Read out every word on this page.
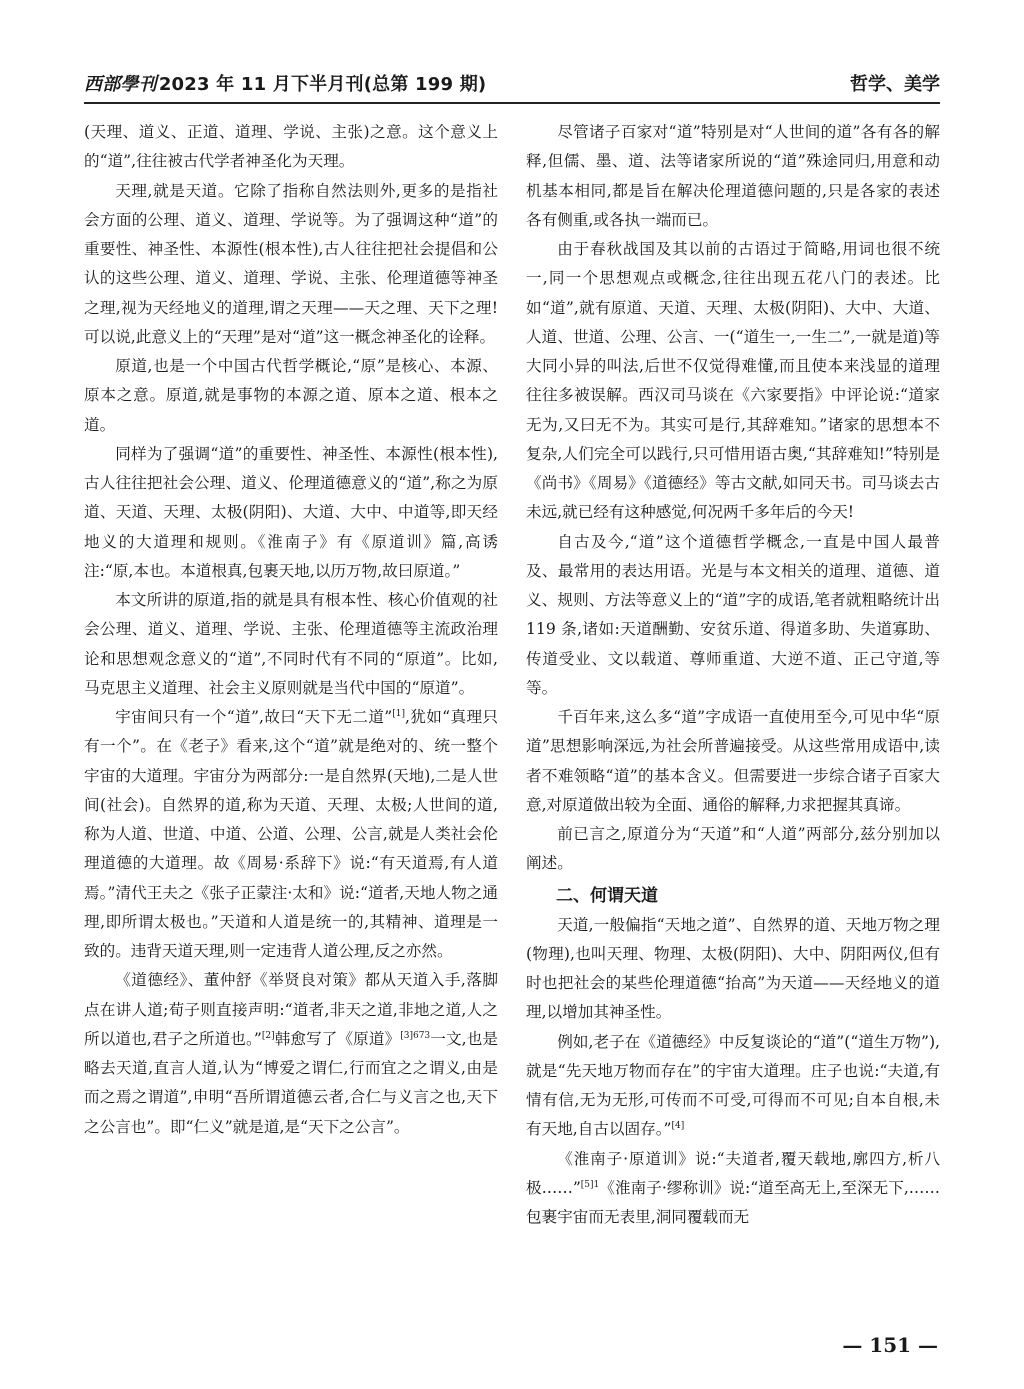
西部學刊 2023 年 11 月下半月刊(总第 199 期)	哲学、美学

(天理、道义、正道、道理、学说、主张)之意。这个意义上的“道”,往往被古代学者神圣化为天理。

天理,就是天道。它除了指称自然法则外,更多的是指社会方面的公理、道义、道理、学说等。为了强调这种“道”的重要性、神圣性、本源性(根本性),古人往往把社会提倡和公认的这些公理、道义、道理、学说、主张、伦理道德等神圣之理,视为天经地义的道理,谓之天理——天之理、天下之理!可以说,此意义上的“天理”是对“道”这一概念神圣化的诠释。

原道,也是一个中国古代哲学概论,“原”是核心、本源、原本之意。原道,就是事物的本源之道、原本之道、根本之道。

同样为了强调“道”的重要性、神圣性、本源性(根本性),古人往往把社会公理、道义、伦理道德意义的“道”,称之为原道、天道、天理、太极(阴阳)、大道、大中、中道等,即天经地义的大道理和规则。《淮南子》有《原道训》篇,高诱注:“原,本也。本道根真,包裹天地,以历万物,故曰原道。”

本文所讲的原道,指的就是具有根本性、核心价值观的社会公理、道义、道理、学说、主张、伦理道德等主流政治理论和思想观念意义的“道”,不同时代有不同的“原道”。比如,马克思主义道理、社会主义原则就是当代中国的“原道”。

宇宙间只有一个“道”,故曰“天下无二道”[1],犹如“真理只有一个”。在《老子》看来,这个“道”就是绝对的、统一整个宇宙的大道理。宇宙分为两部分:一是自然界(天地),二是人世间(社会)。自然界的道,称为天道、天理、太极;人世间的道,称为人道、世道、中道、公道、公理、公言,就是人类社会伦理道德的大道理。故《周易·系辞下》说:“有天道焉,有人道焉。”清代王夫之《张子正蒙注·太和》说:“道者,天地人物之通理,即所谓太极也。”天道和人道是统一的,其精神、道理是一致的。违背天道天理,则一定违背人道公理,反之亦然。

《道德经》、董仲舒《举贤良对策》都从天道入手,落脚点在讲人道;荀子则直接声明:“道者,非天之道,非地之道,人之所以道也,君子之所道也。”[2]韩愈写了《原道》$^{[3]673}$一文,也是略去天道,直言人道,认为“博爱之谓仁,行而宜之之谓义,由是而之焉之谓道”,申明“吾所谓道德云者,合仁与义言之也,天下之公言也”。即“仁义”就是道,是“天下之公言”。

尽管诸子百家对“道”特别是对“人世间的道”各有各的解释,但儒、墨、道、法等诸家所说的“道”殊途同归,用意和动机基本相同,都是旨在解决伦理道德问题的,只是各家的表述各有侧重,或各执一端而已。

由于春秋战国及其以前的古语过于简略,用词也很不统一,同一个思想观点或概念,往往出现五花八门的表述。比如“道”,就有原道、天道、天理、太极(阴阳)、大中、大道、人道、世道、公理、公言、一(“道生一,一生二”,一就是道)等大同小异的叫法,后世不仅觉得难懂,而且使本来浅显的道理往往多被误解。西汉司马谈在《六家要指》中评论说:“道家无为,又曰无不为。其实可是行,其辞难知。”诸家的思想本不复杂,人们完全可以践行,只可惜用语古奥,“其辞难知!”特别是《尚书》《周易》《道德经》等古文献,如同天书。司马谈去古未远,就已经有这种感觉,何况两千多年后的今天!

自古及今,“道”这个道德哲学概念,一直是中国人最普及、最常用的表达用语。光是与本文相关的道理、道德、道义、规则、方法等意义上的“道”字的成语,笔者就粗略统计出 119 条,诸如:天道酬勤、安贫乐道、得道多助、失道寡助、传道受业、文以载道、尊师重道、大逆不道、正己守道,等等。

千百年来,这么多“道”字成语一直使用至今,可见中华“原道”思想影响深远,为社会所普遍接受。从这些常用成语中,读者不难领略“道”的基本含义。但需要进一步综合诸子百家大意,对原道做出较为全面、通俗的解释,力求把握其真谛。

前已言之,原道分为“天道”和“人道”两部分,兹分别加以阐述。

二、何谓天道

天道,一般偏指“天地之道”、自然界的道、天地万物之理(物理),也叫天理、物理、太极(阴阳)、大中、阴阳两仪,但有时也把社会的某些伦理道德“抬高”为天道——天经地义的道理,以增加其神圣性。

例如,老子在《道德经》中反复谈论的“道”(“道生万物”),就是“先天地万物而存在”的宇宙大道理。庄子也说:“夫道,有情有信,无为无形,可传而不可受,可得而不可见;自本自根,未有天地,自古以固存。”[4]

《淮南子·原道训》说:“夫道者,覆天载地,廓四方,析八极……”$^{[5]1}$《淮南子·缪称训》说:“道至高无上,至深无下,……包裹宇宙而无表里,洞同覆载而无

— 151 —
